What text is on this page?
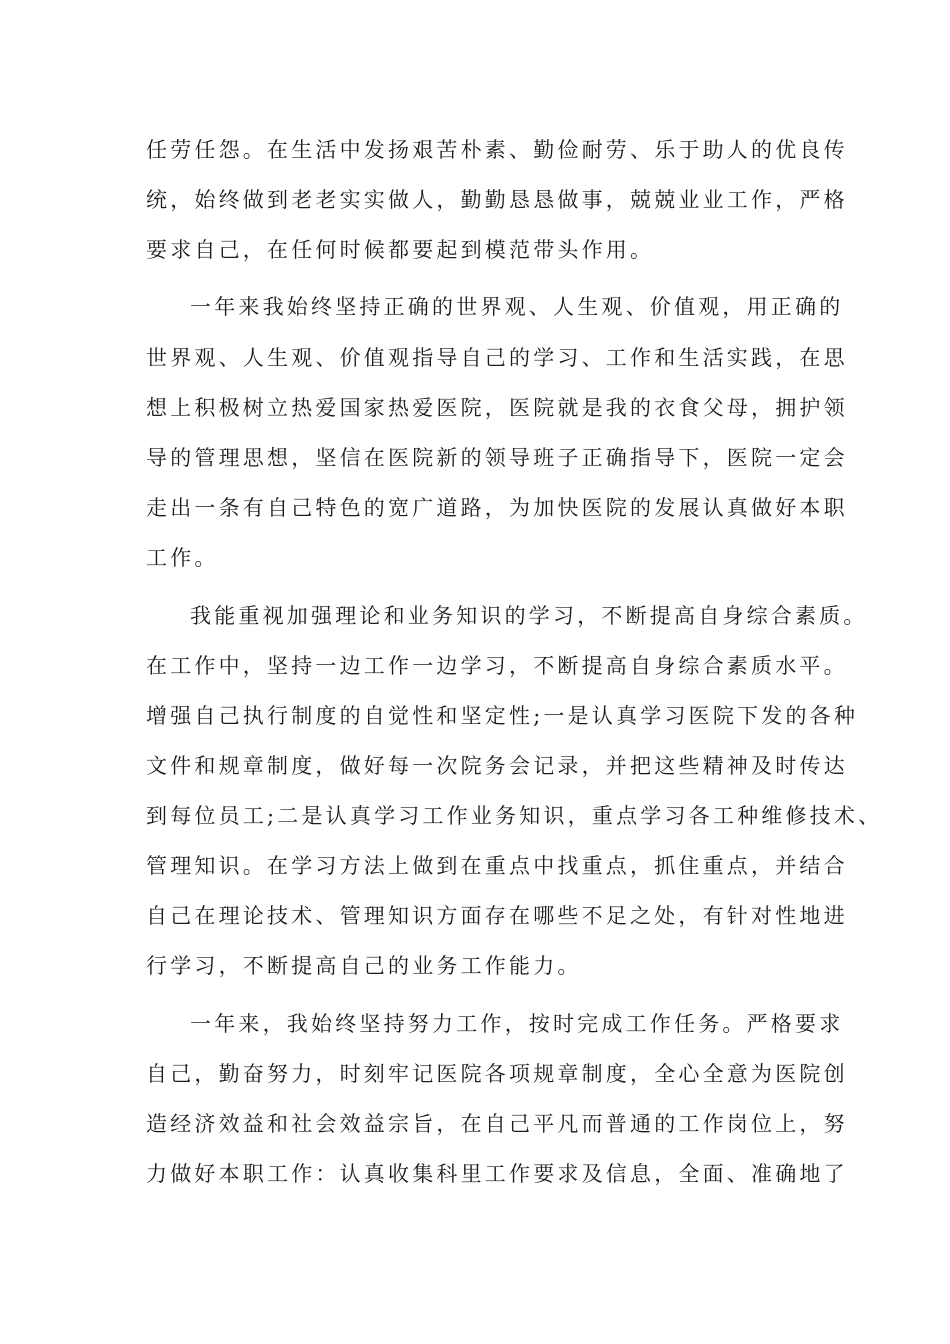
任劳任怨。在生活中发扬艰苦朴素、勤俭耐劳、乐于助人的优良传
统，始终做到老老实实做人，勤勤恳恳做事，兢兢业业工作，严格
要求自己，在任何时候都要起到模范带头作用。
一年来我始终坚持正确的世界观、人生观、价值观，用正确的
世界观、人生观、价值观指导自己的学习、工作和生活实践，在思
想上积极树立热爱国家热爱医院，医院就是我的衣食父母，拥护领
导的管理思想，坚信在医院新的领导班子正确指导下，医院一定会
走出一条有自己特色的宽广道路，为加快医院的发展认真做好本职
工作。
我能重视加强理论和业务知识的学习，不断提高自身综合素质。
在工作中，坚持一边工作一边学习，不断提高自身综合素质水平。
增强自己执行制度的自觉性和坚定性;一是认真学习医院下发的各种
文件和规章制度，做好每一次院务会记录，并把这些精神及时传达
到每位员工;二是认真学习工作业务知识，重点学习各工种维修技术、
管理知识。在学习方法上做到在重点中找重点，抓住重点，并结合
自己在理论技术、管理知识方面存在哪些不足之处，有针对性地进
行学习，不断提高自己的业务工作能力。
一年来，我始终坚持努力工作，按时完成工作任务。严格要求
自己，勤奋努力，时刻牢记医院各项规章制度，全心全意为医院创
造经济效益和社会效益宗旨，在自己平凡而普通的工作岗位上，努
力做好本职工作：认真收集科里工作要求及信息，全面、准确地了
